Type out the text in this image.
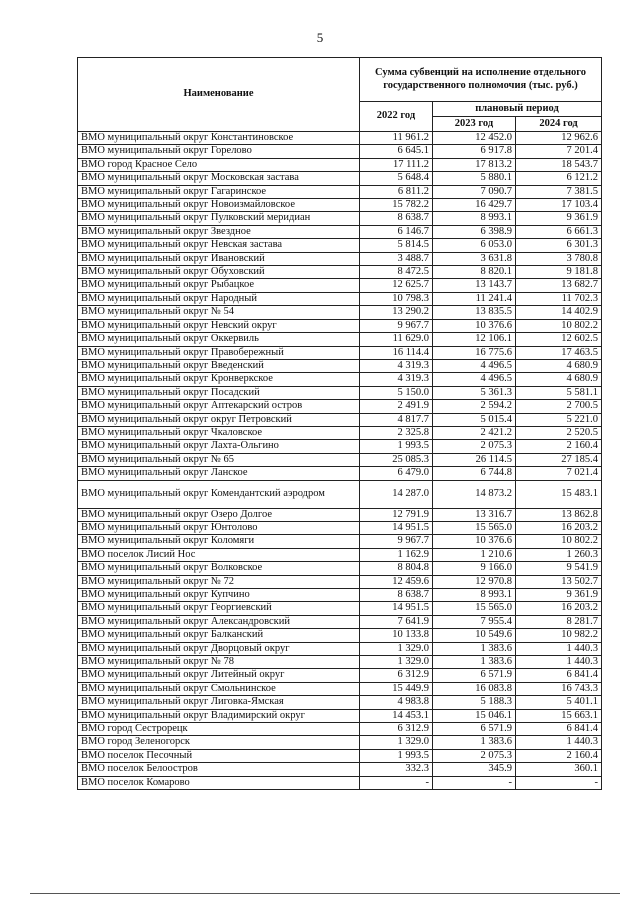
5
Наименование	Сумма субвенций на исполнение отдельного государственного полномочия (тыс. руб.)		
	2022 год	плановый период	
		2023 год	2024 год
ВМО муниципальный округ Константиновское	11 961.2	12 452.0	12 962.6
ВМО муниципальный округ Горелово	6 645.1	6 917.8	7 201.4
ВМО город Красное Село	17 111.2	17 813.2	18 543.7
ВМО муниципальный округ Московская застава	5 648.4	5 880.1	6 121.2
ВМО муниципальный округ Гагаринское	6 811.2	7 090.7	7 381.5
ВМО муниципальный округ Новоизмайловское	15 782.2	16 429.7	17 103.4
ВМО муниципальный округ Пулковский меридиан	8 638.7	8 993.1	9 361.9
ВМО муниципальный округ Звездное	6 146.7	6 398.9	6 661.3
ВМО муниципальный округ Невская застава	5 814.5	6 053.0	6 301.3
ВМО муниципальный округ Ивановский	3 488.7	3 631.8	3 780.8
ВМО муниципальный округ Обуховский	8 472.5	8 820.1	9 181.8
ВМО муниципальный округ Рыбацкое	12 625.7	13 143.7	13 682.7
ВМО муниципальный округ Народный	10 798.3	11 241.4	11 702.3
ВМО муниципальный округ № 54	13 290.2	13 835.5	14 402.9
ВМО муниципальный округ Невский округ	9 967.7	10 376.6	10 802.2
ВМО муниципальный округ Оккервиль	11 629.0	12 106.1	12 602.5
ВМО муниципальный округ Правобережный	16 114.4	16 775.6	17 463.5
ВМО муниципальный округ Введенский	4 319.3	4 496.5	4 680.9
ВМО муниципальный округ Кронверкское	4 319.3	4 496.5	4 680.9
ВМО муниципальный округ Посадский	5 150.0	5 361.3	5 581.1
ВМО муниципальный округ Аптекарский остров	2 491.9	2 594.2	2 700.5
ВМО муниципальный округ округ Петровский	4 817.7	5 015.4	5 221.0
ВМО муниципальный округ Чкаловское	2 325.8	2 421.2	2 520.5
ВМО муниципальный округ Лахта-Ольгино	1 993.5	2 075.3	2 160.4
ВМО муниципальный округ № 65	25 085.3	26 114.5	27 185.4
ВМО муниципальный округ Ланское	6 479.0	6 744.8	7 021.4
ВМО муниципальный округ Комендантский аэродром	14 287.0	14 873.2	15 483.1
ВМО муниципальный округ Озеро Долгое	12 791.9	13 316.7	13 862.8
ВМО муниципальный округ Юнтолово	14 951.5	15 565.0	16 203.2
ВМО муниципальный округ Коломяги	9 967.7	10 376.6	10 802.2
ВМО поселок Лисий Нос	1 162.9	1 210.6	1 260.3
ВМО муниципальный округ Волковское	8 804.8	9 166.0	9 541.9
ВМО муниципальный округ № 72	12 459.6	12 970.8	13 502.7
ВМО муниципальный округ Купчино	8 638.7	8 993.1	9 361.9
ВМО муниципальный округ Георгиевский	14 951.5	15 565.0	16 203.2
ВМО муниципальный округ Александровский	7 641.9	7 955.4	8 281.7
ВМО муниципальный округ Балканский	10 133.8	10 549.6	10 982.2
ВМО муниципальный округ Дворцовый округ	1 329.0	1 383.6	1 440.3
ВМО муниципальный округ № 78	1 329.0	1 383.6	1 440.3
ВМО муниципальный округ Литейный округ	6 312.9	6 571.9	6 841.4
ВМО муниципальный округ Смольнинское	15 449.9	16 083.8	16 743.3
ВМО муниципальный округ Лиговка-Ямская	4 983.8	5 188.3	5 401.1
ВМО муниципальный округ Владимирский округ	14 453.1	15 046.1	15 663.1
ВМО город Сестрорецк	6 312.9	6 571.9	6 841.4
ВМО город Зеленогорск	1 329.0	1 383.6	1 440.3
ВМО поселок Песочный	1 993.5	2 075.3	2 160.4
ВМО поселок Белоостров	332.3	345.9	360.1
ВМО поселок Комарово	-	-	-
